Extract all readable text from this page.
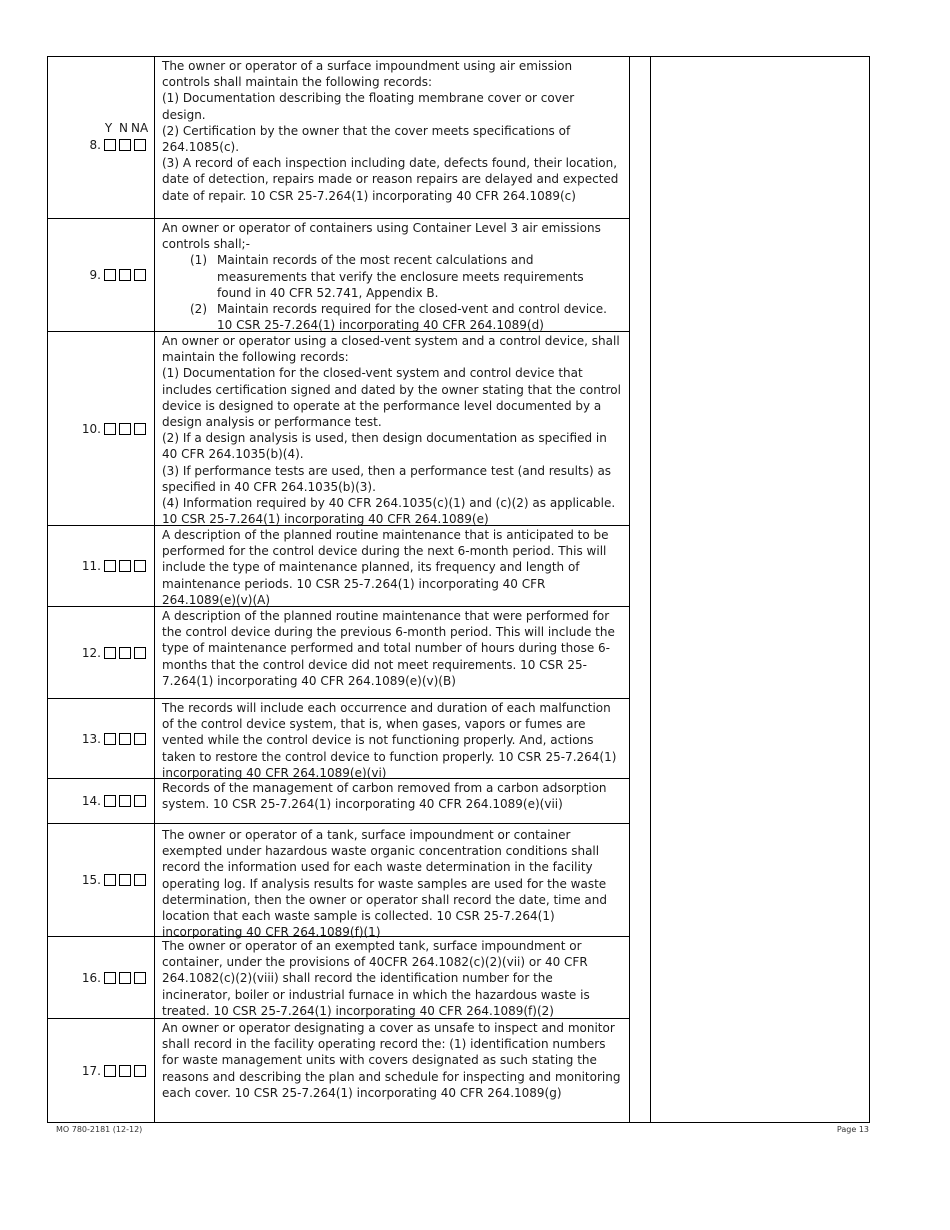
Y N NA
8.

The owner or operator of a surface impoundment using air emission controls shall maintain the following records:

(1) Documentation describing the floating membrane cover or cover design.

(2) Certification by the owner that the cover meets specifications of 264.1085(c).

(3) A record of each inspection including date, defects found, their location, date of detection, repairs made or reason repairs are delayed and expected date of repair. 10 CSR 25-7.264(1) incorporating 40 CFR 264.1089(c)

9.

An owner or operator of containers using Container Level 3 air emissions controls shall;-

(1) Maintain records of the most recent calculations and measurements that verify the enclosure meets requirements found in 40 CFR 52.741, Appendix B.
(2) Maintain records required for the closed-vent and control device. 10 CSR 25-7.264(1) incorporating 40 CFR 264.1089(d)
10.

An owner or operator using a closed-vent system and a control device, shall maintain the following records:

(1) Documentation for the closed-vent system and control device that includes certification signed and dated by the owner stating that the control device is designed to operate at the performance level documented by a design analysis or performance test.

(2) If a design analysis is used, then design documentation as specified in 40 CFR 264.1035(b)(4).

(3) If performance tests are used, then a performance test (and results) as specified in 40 CFR 264.1035(b)(3).

(4) Information required by 40 CFR 264.1035(c)(1) and (c)(2) as applicable. 10 CSR 25-7.264(1) incorporating 40 CFR 264.1089(e)

11.

A description of the planned routine maintenance that is anticipated to be performed for the control device during the next 6-month period. This will include the type of maintenance planned, its frequency and length of maintenance periods. 10 CSR 25-7.264(1) incorporating 40 CFR 264.1089(e)(v)(A)

12.

A description of the planned routine maintenance that were performed for the control device during the previous 6-month period. This will include the type of maintenance performed and total number of hours during those 6-months that the control device did not meet requirements. 10 CSR 25-7.264(1) incorporating 40 CFR 264.1089(e)(v)(B)

13.

The records will include each occurrence and duration of each malfunction of the control device system, that is, when gases, vapors or fumes are vented while the control device is not functioning properly. And, actions taken to restore the control device to function properly. 10 CSR 25-7.264(1) incorporating 40 CFR 264.1089(e)(vi)

14.

Records of the management of carbon removed from a carbon adsorption system. 10 CSR 25-7.264(1) incorporating 40 CFR 264.1089(e)(vii)

15.

The owner or operator of a tank, surface impoundment or container exempted under hazardous waste organic concentration conditions shall record the information used for each waste determination in the facility operating log. If analysis results for waste samples are used for the waste determination, then the owner or operator shall record the date, time and location that each waste sample is collected. 10 CSR 25-7.264(1) incorporating 40 CFR 264.1089(f)(1)

16.

The owner or operator of an exempted tank, surface impoundment or container, under the provisions of 40CFR 264.1082(c)(2)(vii) or 40 CFR 264.1082(c)(2)(viii) shall record the identification number for the incinerator, boiler or industrial furnace in which the hazardous waste is treated. 10 CSR 25-7.264(1) incorporating 40 CFR 264.1089(f)(2)

17.

An owner or operator designating a cover as unsafe to inspect and monitor shall record in the facility operating record the: (1) identification numbers for waste management units with covers designated as such stating the reasons and describing the plan and schedule for inspecting and monitoring each cover. 10 CSR 25-7.264(1) incorporating 40 CFR 264.1089(g)

MO 780-2181 (12-12)	Page 13
